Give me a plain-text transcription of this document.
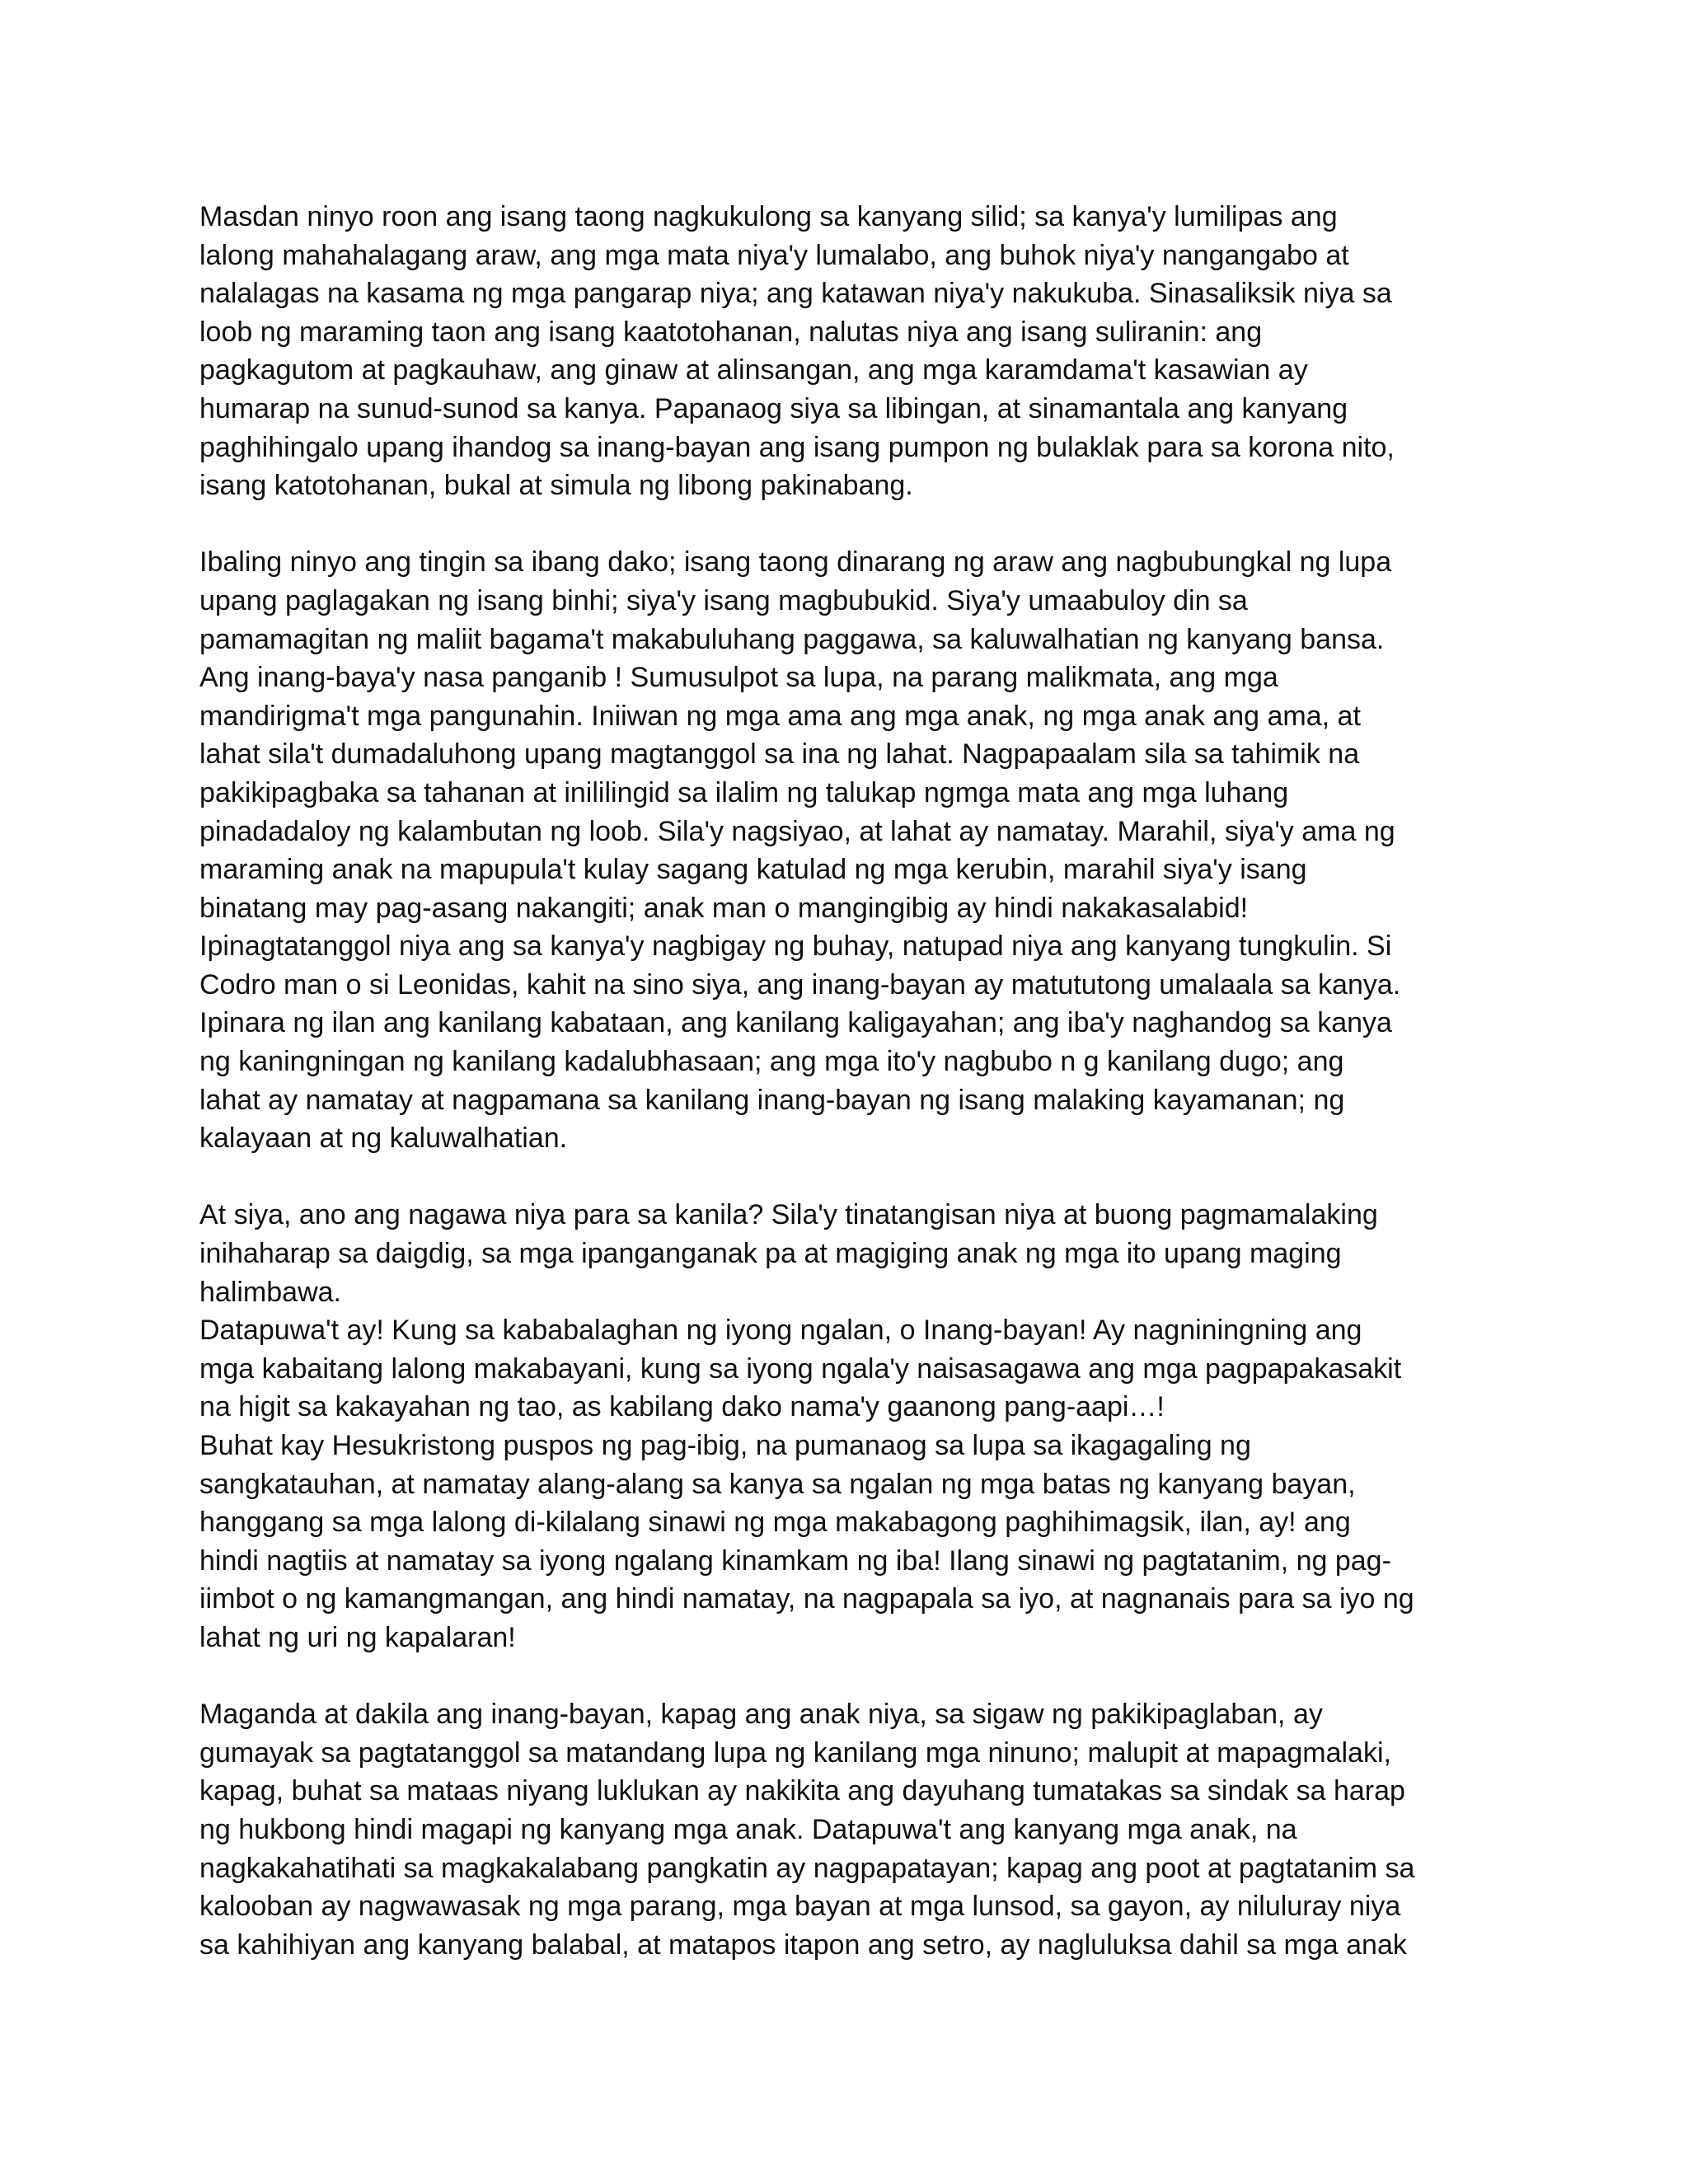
Masdan ninyo roon ang isang taong nagkukulong sa kanyang silid; sa kanya'y lumilipas ang
lalong mahahalagang araw, ang mga mata niya'y lumalabo, ang buhok niya'y nangangabo at
nalalagas na kasama ng mga pangarap niya; ang katawan niya'y nakukuba. Sinasaliksik niya sa
loob ng maraming taon ang isang kaatotohanan, nalutas niya ang isang suliranin: ang
pagkagutom at pagkauhaw, ang ginaw at alinsangan, ang mga karamdama't kasawian ay
humarap na sunud-sunod sa kanya. Papanaog siya sa libingan, at sinamantala ang kanyang
paghihingalo upang ihandog sa inang-bayan ang isang pumpon ng bulaklak para sa korona nito,
isang katotohanan, bukal at simula ng libong pakinabang.
Ibaling ninyo ang tingin sa ibang dako; isang taong dinarang ng araw ang nagbubungkal ng lupa
upang paglagakan ng isang binhi; siya'y isang magbubukid. Siya'y umaabuloy din sa
pamamagitan ng maliit bagama't makabuluhang paggawa, sa kaluwalhatian ng kanyang bansa.
Ang inang-baya'y nasa panganib ! Sumusulpot sa lupa, na parang malikmata, ang mga
mandirigma't mga pangunahin. Iniiwan ng mga ama ang mga anak, ng mga anak ang ama, at
lahat sila't dumadaluhong upang magtanggol sa ina ng lahat. Nagpapaalam sila sa tahimik na
pakikipagbaka sa tahanan at inililingid sa ilalim ng talukap ngmga mata ang mga luhang
pinadadaloy ng kalambutan ng loob. Sila'y nagsiyao, at lahat ay namatay. Marahil, siya'y ama ng
maraming anak na mapupula't kulay sagang katulad ng mga kerubin, marahil siya'y isang
binatang may pag-asang nakangiti; anak man o mangingibig ay hindi nakakasalabid!
Ipinagtatanggol niya ang sa kanya'y nagbigay ng buhay, natupad niya ang kanyang tungkulin. Si
Codro man o si Leonidas, kahit na sino siya, ang inang-bayan ay matututong umalaala sa kanya.
Ipinara ng ilan ang kanilang kabataan, ang kanilang kaligayahan; ang iba'y naghandog sa kanya
ng kaningningan ng kanilang kadalubhasaan; ang mga ito'y nagbubo n g kanilang dugo; ang
lahat ay namatay at nagpamana sa kanilang inang-bayan ng isang malaking kayamanan; ng
kalayaan at ng kaluwalhatian.
At siya, ano ang nagawa niya para sa kanila? Sila'y tinatangisan niya at buong pagmamalaking
inihaharap sa daigdig, sa mga ipanganganak pa at magiging anak ng mga ito upang maging
halimbawa.
Datapuwa't ay! Kung sa kababalaghan ng iyong ngalan, o Inang-bayan! Ay nagniningning ang
mga kabaitang lalong makabayani, kung sa iyong ngala'y naisasagawa ang mga pagpapakasakit
na higit sa kakayahan ng tao, as kabilang dako nama'y gaanong pang-aapi…!
Buhat kay Hesukristong puspos ng pag-ibig, na pumanaog sa lupa sa ikagagaling ng
sangkatauhan, at namatay alang-alang sa kanya sa ngalan ng mga batas ng kanyang bayan,
hanggang sa mga lalong di-kilalang sinawi ng mga makabagong paghihimagsik, ilan, ay! ang
hindi nagtiis at namatay sa iyong ngalang kinamkam ng iba! Ilang sinawi ng pagtatanim, ng pag-
iimbot o ng kamangmangan, ang hindi namatay, na nagpapala sa iyo, at nagnanais para sa iyo ng
lahat ng uri ng kapalaran!
Maganda at dakila ang inang-bayan, kapag ang anak niya, sa sigaw ng pakikipaglaban, ay
gumayak sa pagtatanggol sa matandang lupa ng kanilang mga ninuno; malupit at mapagmalaki,
kapag, buhat sa mataas niyang luklukan ay nakikita ang dayuhang tumatakas sa sindak sa harap
ng hukbong hindi magapi ng kanyang mga anak. Datapuwa't ang kanyang mga anak, na
nagkakahatihati sa magkakalabang pangkatin ay nagpapatayan; kapag ang poot at pagtatanim sa
kalooban ay nagwawasak ng mga parang, mga bayan at mga lunsod, sa gayon, ay niluluray niya
sa kahihiyan ang kanyang balabal, at matapos itapon ang setro, ay nagluluksa dahil sa mga anak
